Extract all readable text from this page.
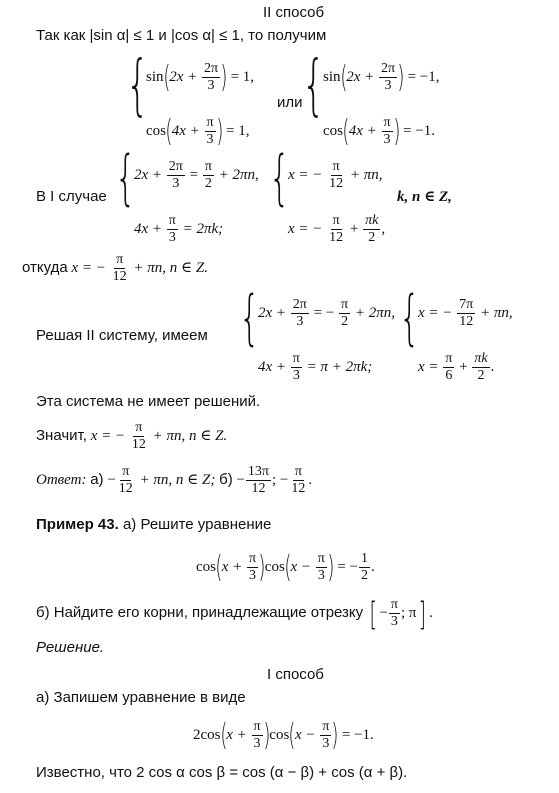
II способ
Так как |sin α| ≤ 1 и |cos α| ≤ 1, то получим
{
$\sin(2x + \frac{2\pi}{3}$ ) = 1,
$\cos(4x + \frac{\pi}{3}$ ) = 1,
или {
$\sin(2x + \frac{2\pi}{3}$ ) = −1,
$\cos(4x + \frac{\pi}{3}$ ) = −1.
В I случае {
$2x + \frac{2\pi}{3} = \frac{\pi}{2} + 2\pi n$,
$4x + \frac{\pi}{3} = 2\pi k$;
{
x = − $\frac{\pi}{12} + \pi n$,
x = − $\frac{\pi}{12} + \frac{\pi k}{2}$ ,
k, n ∈ Z,
откуда x = − $\frac{\pi}{12} + \pi n$, n ∈ Z.
Решая II систему, имеем {
$2x + \frac{2\pi}{3}$ = − $\frac{\pi}{2} + 2\pi n$,
$4x + \frac{\pi}{3} = \pi + 2\pi k$;
{
x = − $\frac{7\pi}{12} + \pi n$,
$x = \frac{\pi}{6} + \frac{\pi k}{2}$ .
Эта система не имеет решений.
Значит, x = − $\frac{\pi}{12} + \pi n$, n ∈ Z.
Ответ: $а) - \frac{\pi}{12} + \pi n$, n ∈ Z; $б) - \frac{13\pi}{12}$ ; − $\frac{\pi}{12}$ .
Пример 43. а) Решите уравнение
$\cos(x + \frac{\pi}{3} )\cos(x - \frac{\pi}{3}$ ) = − $\frac{1}{2}$ .
б) Найдите его корни, принадлежащие отрезку [ − $\frac{\pi}{3}$ ; π] .
Решение.
I способ
а) Запишем уравнение в виде
$2\cos(x + \frac{\pi}{3} )\cos(x - \frac{\pi}{3}$ ) = −1.
Известно, что 2 cos α cos β = cos (α − β) + cos (α + β).
